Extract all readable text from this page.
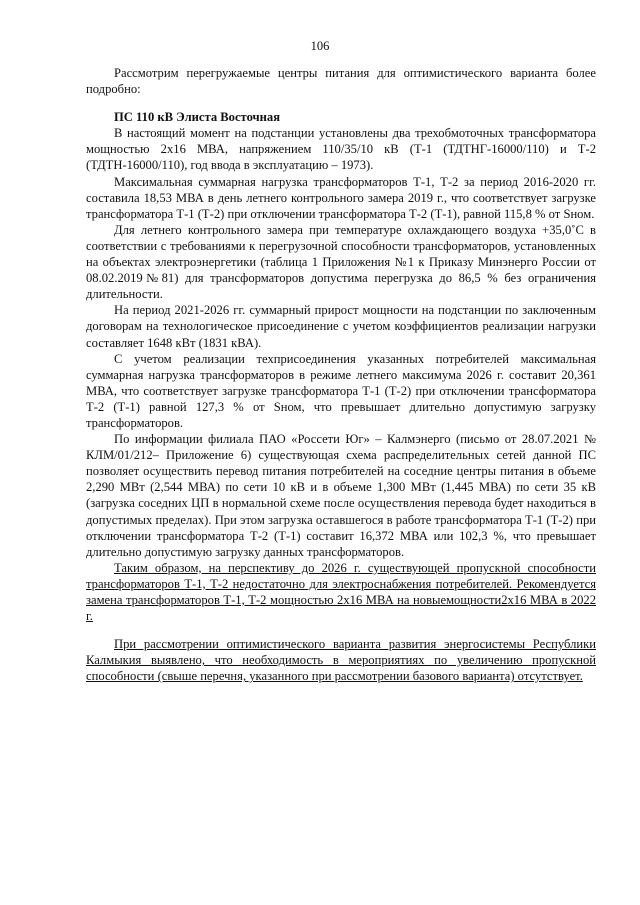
106

Рассмотрим перегружаемые центры питания для оптимистического варианта более подробно:

ПС 110 кВ Элиста Восточная

В настоящий момент на подстанции установлены два трехобмоточных трансформатора мощностью 2х16 МВА, напряжением 110/35/10 кВ (Т-1 (ТДТНГ-16000/110) и Т-2 (ТДТН-16000/110), год ввода в эксплуатацию – 1973).

Максимальная суммарная нагрузка трансформаторов Т-1, Т-2 за период 2016-2020 гг. составила 18,53 МВА в день летнего контрольного замера 2019 г., что соответствует загрузке трансформатора Т-1 (Т-2) при отключении трансформатора Т-2 (Т-1), равной 115,8 % от Sном.

Для летнего контрольного замера при температуре охлаждающего воздуха +35,0˚С в соответствии с требованиями к перегрузочной способности трансформаторов, установленных на объектах электроэнергетики (таблица 1 Приложения №1 к Приказу Минэнерго России от 08.02.2019№81) для трансформаторов допустима перегрузка до 86,5 % без ограничения длительности.

На период 2021-2026 гг. суммарный прирост мощности на подстанции по заключенным договорам на технологическое присоединение с учетом коэффициентов реализации нагрузки составляет 1648 кВт (1831 кВА).

С учетом реализации техприсоединения указанных потребителей максимальная суммарная нагрузка трансформаторов в режиме летнего максимума 2026 г. составит 20,361 МВА, что соответствует загрузке трансформатора Т-1 (Т-2) при отключении трансформатора Т-2 (Т-1) равной 127,3 % от Sном, что превышает длительно допустимую загрузку трансформаторов.

По информации филиала ПАО «Россети Юг» – Калмэнерго (письмо от 28.07.2021 № КЛМ/01/212– Приложение 6) существующая схема распределительных сетей данной ПС позволяет осуществить перевод питания потребителей на соседние центры питания в объеме 2,290 МВт (2,544 МВА) по сети 10 кВ и в объеме 1,300 МВт (1,445 МВА) по сети 35 кВ (загрузка соседних ЦП в нормальной схеме после осуществления перевода будет находиться в допустимых пределах). При этом загрузка оставшегося в работе трансформатора Т-1 (Т-2) при отключении трансформатора Т-2 (Т-1) составит 16,372 МВА или 102,3 %, что превышает длительно допустимую загрузку данных трансформаторов.

Таким образом, на перспективу до 2026 г. существующей пропускной способности трансформаторов Т-1, Т-2 недостаточно для электроснабжения потребителей. Рекомендуется замена трансформаторов Т-1, Т-2 мощностью 2х16 МВА на новыемощности2х16 МВА в 2022 г.

При рассмотрении оптимистического варианта развития энергосистемы Республики Калмыкия выявлено, что необходимость в мероприятиях по увеличению пропускной способности (свыше перечня, указанного при рассмотрении базового варианта) отсутствует.
